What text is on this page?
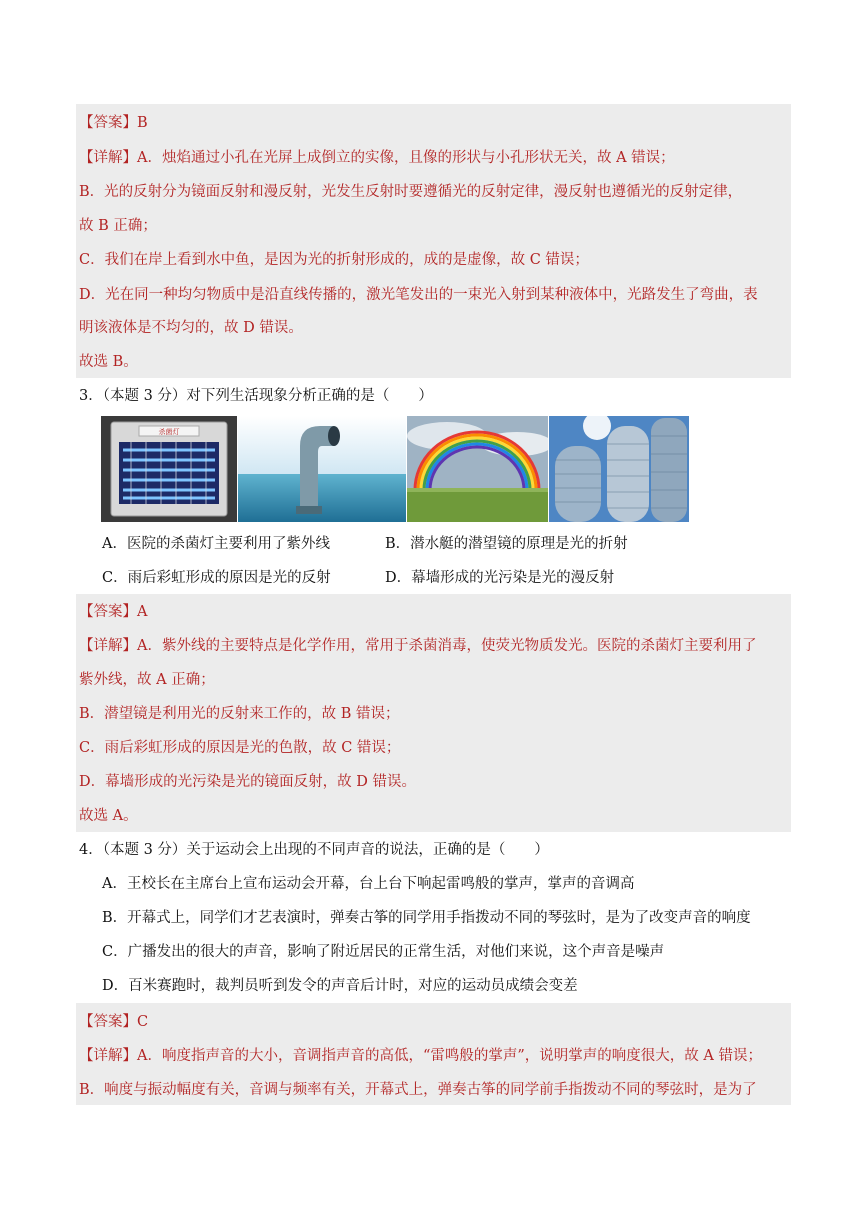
【答案】B
【详解】A．烛焰通过小孔在光屏上成倒立的实像，且像的形状与小孔形状无关，故 A 错误；
B．光的反射分为镜面反射和漫反射，光发生反射时要遵循光的反射定律，漫反射也遵循光的反射定律，
故 B 正确；
C．我们在岸上看到水中鱼，是因为光的折射形成的，成的是虚像，故 C 错误；
D．光在同一种均匀物质中是沿直线传播的，激光笔发出的一束光入射到某种液体中，光路发生了弯曲，表
明该液体是不均匀的，故 D 错误。
故选 B。
3．（本题 3 分）对下列生活现象分析正确的是（　　）
杀菌灯
A．医院的杀菌灯主要利用了紫外线	B．潜水艇的潜望镜的原理是光的折射
C．雨后彩虹形成的原因是光的反射	D．幕墙形成的光污染是光的漫反射
【答案】A
【详解】A．紫外线的主要特点是化学作用，常用于杀菌消毒，使荧光物质发光。医院的杀菌灯主要利用了
紫外线，故 A 正确；
B．潜望镜是利用光的反射来工作的，故 B 错误；
C．雨后彩虹形成的原因是光的色散，故 C 错误；
D．幕墙形成的光污染是光的镜面反射，故 D 错误。
故选 A。
4．（本题 3 分）关于运动会上出现的不同声音的说法，正确的是（　　）
A．王校长在主席台上宣布运动会开幕，台上台下响起雷鸣般的掌声，掌声的音调高
B．开幕式上，同学们才艺表演时，弹奏古筝的同学用手指拨动不同的琴弦时，是为了改变声音的响度
C．广播发出的很大的声音，影响了附近居民的正常生活，对他们来说，这个声音是噪声
D．百米赛跑时，裁判员听到发令的声音后计时，对应的运动员成绩会变差
【答案】C
【详解】A．响度指声音的大小，音调指声音的高低，“雷鸣般的掌声”，说明掌声的响度很大，故 A 错误；
B．响度与振动幅度有关，音调与频率有关，开幕式上，弹奏古筝的同学前手指拨动不同的琴弦时，是为了
